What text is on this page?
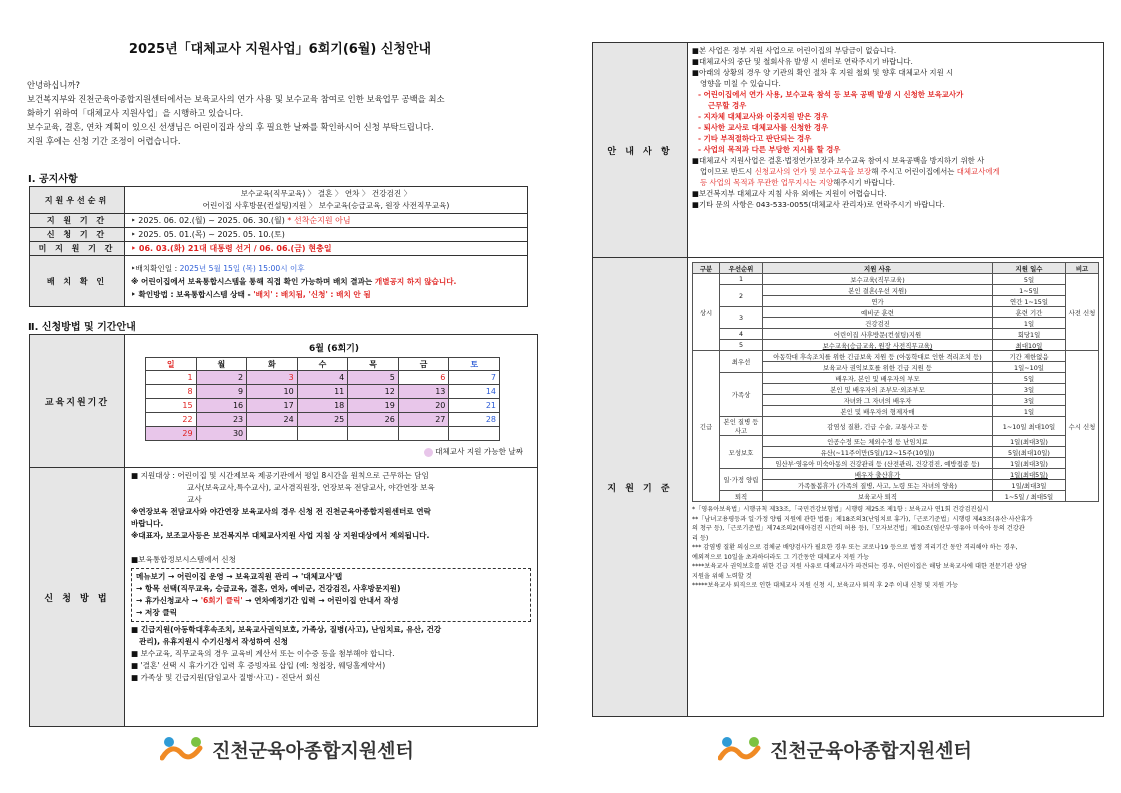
2025년「대체교사 지원사업」6회기(6월) 신청안내
안녕하십니까?
보건복지부와 진천군육아종합지원센터에서는 보육교사의 연가 사용 및 보수교육 참여로 인한 보육업무 공백을 최소
화하기 위하여「대체교사 지원사업」을 시행하고 있습니다.
보수교육, 결혼, 연차 계획이 있으신 선생님은 어린이집과 상의 후 필요한 날짜를 확인하시어 신청 부탁드립니다.
지원 후에는 신청 기간 조정이 어렵습니다.
Ⅰ. 공지사항
지원우선순위	보수교육(직무교육) 〉 결혼 〉 연차 〉 건강검진 〉
어린이집 사후방문(컨설팅)지원 〉 보수교육(승급교육, 원장 사전직무교육)

지 원 기 간	‣ 2025. 06. 02.(월) ~ 2025. 06. 30.(월) * 선착순지원 아님
신 청 기 간	‣ 2025. 05. 01.(목) ~ 2025. 05. 10.(토)
미 지 원 기 간	‣ 06. 03.(화) 21대 대통령 선거 / 06. 06.(금) 현충일
배 치 확 인	‣배치확인일 : 2025년 5월 15일 (목) 15:00시 이후
※ 어린이집에서 보육통합시스템을 통해 직접 확인 가능하며 배치 결과는 개별공지 하지 않습니다.
‣ 확인방법 : 보육통합시스템 상태 - '배치' : 배치됨, '신청' : 배치 안 됨
Ⅱ. 신청방법 및 기간안내
교육지원기간	
6월 (6회기)
일	월	화	수	목	금	토
1	2	3	4	5	6	7
8	9	10	11	12	13	14
15	16	17	18	19	20	21
22	23	24	25	26	27	28
29	30					
대체교사 지원 가능한 날짜

신 청 방 법	
■ 지원대상 : 어린이집 및 시간제보육 제공기관에서 평일 8시간을 원칙으로 근무하는 담임
교사(보육교사,특수교사), 교사겸직원장, 연장보육 전담교사, 야간연장 보육
교사
※연장보육 전담교사와 야간연장 보육교사의 경우 신청 전 진천군육아종합지원센터로 연락
바랍니다.
※대표자, 보조교사등은 보건복지부 대체교사지원 사업 지침 상 지원대상에서 제외됩니다.
■보육통합정보시스템에서 신청
메뉴보기 → 어린이집 운영 → 보육교직원 관리 → '대체교사'탭
→ 항목 선택(직무교육, 승급교육, 결혼, 연차, 예비군, 건강검진, 사후방문지원)
→ 휴가신청교사 → '6회기 클릭' → 연차예정기간 입력 → 어린이집 안내서 작성
→ 저장 클릭
■ 긴급지원(아동학대후속조치, 보육교사권익보호, 가족상, 질병(사고), 난임치료, 유산, 건강
관리), 유휴지원시 수기신청서 작성하여 신청
■ 보수교육, 직무교육의 경우 교육비 계산서 또는 이수증 등을 첨부해야 합니다.
■ '결혼' 선택 시 휴가기간 입력 후 증빙자료 삽입 (예: 청첩장, 웨딩홀계약서)
■ 가족상 및 긴급지원(담임교사 질병·사고) - 진단서 회신
진천군육아종합지원센터
안 내 사 항	
■본 사업은 정부 지원 사업으로 어린이집의 부담금이 없습니다.
■대체교사의 중단 및 철회사유 발생 시 센터로 연락주시기 바랍니다.
■아래의 상황의 경우 양 기관의 확인 절차 후 지원 철회 및 향후 대체교사 지원 시
영향을 미칠 수 있습니다.
- 어린이집에서 연가 사용, 보수교육 참석 등 보육 공백 발생 시 신청한 보육교사가
근무할 경우
- 지자체 대체교사와 이중지원 받은 경우
- 퇴사한 교사로 대체교사를 신청한 경우
- 기타 부적절하다고 판단되는 경우
- 사업의 목적과 다른 부당한 지시를 할 경우
■대체교사 지원사업은 결혼·법정연가보장과 보수교육 참여시 보육공백을 방지하기 위한 사
업이므로 반드시 신청교사의 연가 및 보수교육을 보장해 주시고 어린이집에서는 대체교사에게
등 사업의 목적과 무관한 업무지시는 지양해주시기 바랍니다.
■보건복지부 대체교사 지침 사유 외에는 지원이 어렵습니다.
■기타 문의 사항은 043-533-0055(대체교사 관리자)로 연락주시기 바랍니다.

지 원 기 준	
구분	우선순위	지원 사유	지원 일수	비고
상시	1	보수교육(직무교육)	5일	사전 신청
2	본인 결혼(우선 지원)	1~5일
연가	연간 1~15일
3	예비군 훈련	훈련 기간
건강검진	1일
4	어린이집 사후방문(컨설팅)지원	회당1일
5	보수교육(승급교육, 원장 사전직무교육)	최대10일
긴급	최우선	아동학대 후속조치를 위한 긴급보육 지원 등 (아동학대로 인한 격리조치 등)	기간 제한없음	수시 신청
보육교사 권익보호를 위한 긴급 지원 등	1일~10일
가족상	배우자, 본인 및 배우자의 부모	5일
본인 및 배우자의 조부모·외조부모	3일
자녀와 그 자녀의 배우자	3일
본인 및 배우자의 형제자매	1일
본인 질병 등 사고	감염성 질환, 긴급 수술, 교통사고 등	1~10일 최대10일
모성보호	인공수정 또는 체외수정 등 난임치료	1일(최대3일)
유산(~11주이만(5일)/12~15주(10일))	5일(최대10일)
임산부·영유아 미숙아동의 건강관리 등 (산전관리, 건강검진, 예방접종 등)	1일(최대3일)
일·가정 양립	배우자 출산휴가	1일(최대5일)
가족돌봄휴가 (가족의 질병, 사고, 노령 또는 자녀의 양육)	1일/최대3일
퇴직	보육교사 퇴직	1~5일 / 최대5일
*「영유아보육법」시행규칙 제33조,「국민건강보험법」시행령 제25조 제1항 : 보육교사 연1회 건강검진실시
**「남녀고용평등과 일·가정 양립 지원에 관한 법률」제18조의3(난임치료 휴가),「근로기준법」시행령 제43조(유산·사산휴가
의 청구 등),「근로기준법」제74조의2(태아검진 시간의 허용 등),「모자보건법」제10조(임산부·영유아 미숙아 등의 건강관
리 등)
*** 감염병 질환 의심으로 검체균 배양검사가 필요한 경우 또는 코로나19 등으로 법정 격리기간 동안 격리해야 하는 경우,
예외적으로 10일을 초과하더라도 그 기간동안 대체교사 지원 가능
****보육교사 권익보호를 위한 긴급 지원 사유로 대체교사가 파견되는 경우, 어린이집은 해당 보육교사에 대한 전문기관 상담
지원을 위해 노력할 것
*****보육교사 퇴직으로 인한 대체교사 지원 신청 시, 보육교사 퇴직 후 2주 이내 신청 및 지원 가능
진천군육아종합지원센터
